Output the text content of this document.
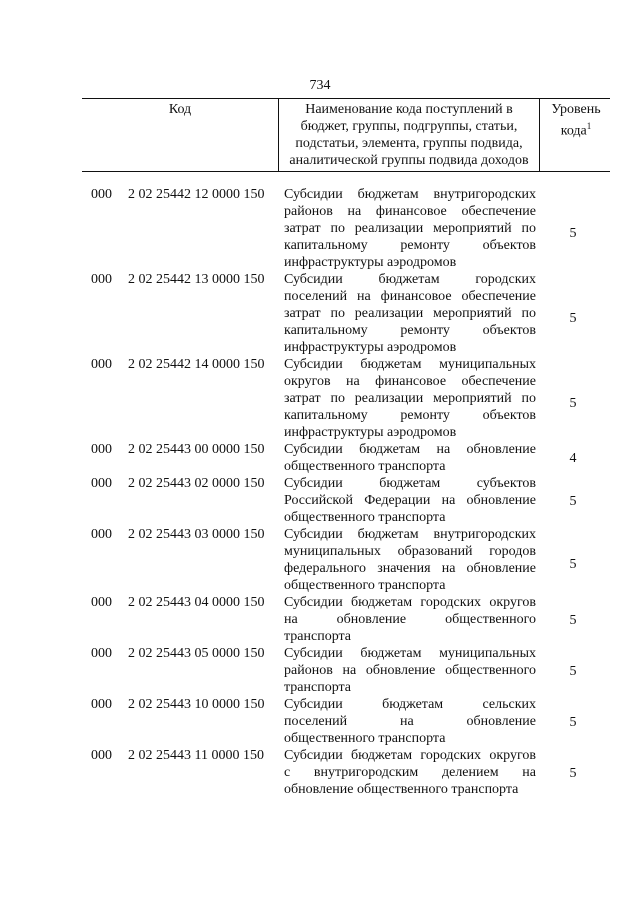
734
Код	Наименование кода поступлений в
бюджет, группы, подгруппы, статьи,
подстатьи, элемента, группы подвида,
аналитической группы подвида доходов
Уровень
кода$^1$
000 2 02 25442 12 0000 150 Субсидии бюджетам внутригородских
районов на финансовое обеспечение
затрат по реализации мероприятий по
капитальному ремонту объектов
инфраструктуры аэродромов
5
000 2 02 25442 13 0000 150 Субсидии бюджетам городских
поселений на финансовое обеспечение
затрат по реализации мероприятий по
капитальному ремонту объектов
инфраструктуры аэродромов
5
000 2 02 25442 14 0000 150 Субсидии бюджетам муниципальных
округов на финансовое обеспечение
затрат по реализации мероприятий по
капитальному ремонту объектов
инфраструктуры аэродромов
5
000 2 02 25443 00 0000 150 Субсидии бюджетам на обновление
общественного транспорта
4
000 2 02 25443 02 0000 150 Субсидии бюджетам субъектов
Российской Федерации на обновление
общественного транспорта
5
000 2 02 25443 03 0000 150 Субсидии бюджетам внутригородских
муниципальных образований городов
федерального значения на обновление
общественного транспорта
5
000 2 02 25443 04 0000 150 Субсидии бюджетам городских округов
на обновление общественного
транспорта
5
000 2 02 25443 05 0000 150 Субсидии бюджетам муниципальных
районов на обновление общественного
транспорта
5
000 2 02 25443 10 0000 150 Субсидии бюджетам сельских
поселений на обновление
общественного транспорта
5
000 2 02 25443 11 0000 150 Субсидии бюджетам городских округов
с внутригородским делением на
обновление общественного транспорта
5
